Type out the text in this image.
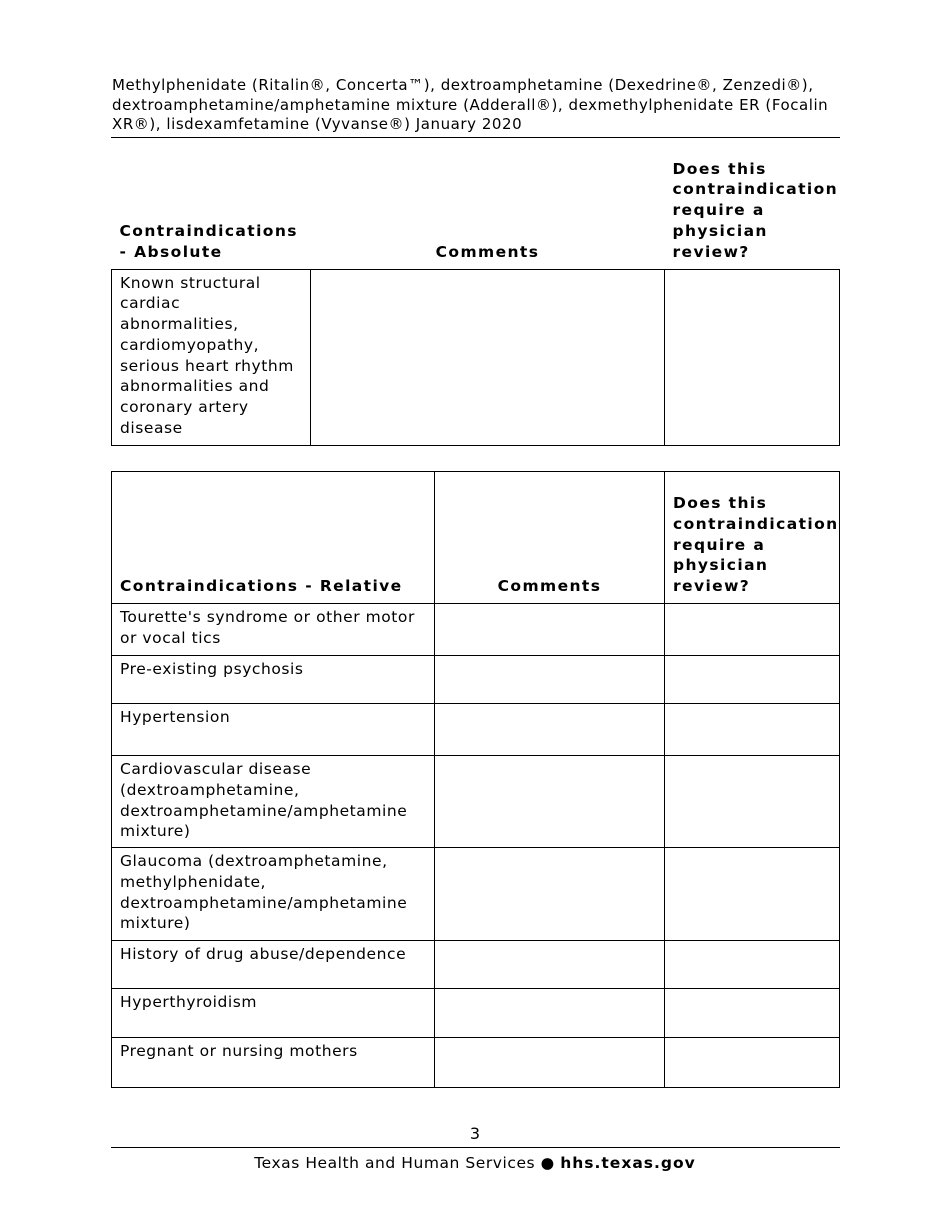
Methylphenidate (Ritalin®, Concerta™), dextroamphetamine (Dexedrine®, Zenzedi®), dextroamphetamine/amphetamine mixture (Adderall®), dexmethylphenidate ER (Focalin XR®), lisdexamfetamine (Vyvanse®) January 2020
Contraindications - Absolute	Comments	Does this contraindication require a physician review?
Known structural cardiac abnormalities, cardiomyopathy, serious heart rhythm abnormalities and coronary artery disease		
Contraindications - Relative	Comments	Does this contraindication require a physician review?
Tourette's syndrome or other motor or vocal tics		
Pre-existing psychosis		
Hypertension		
Cardiovascular disease (dextroamphetamine, dextroamphetamine/amphetamine mixture)		
Glaucoma (dextroamphetamine, methylphenidate, dextroamphetamine/amphetamine mixture)		
History of drug abuse/dependence		
Hyperthyroidism		
Pregnant or nursing mothers		
3
Texas Health and Human Services ● hhs.texas.gov
